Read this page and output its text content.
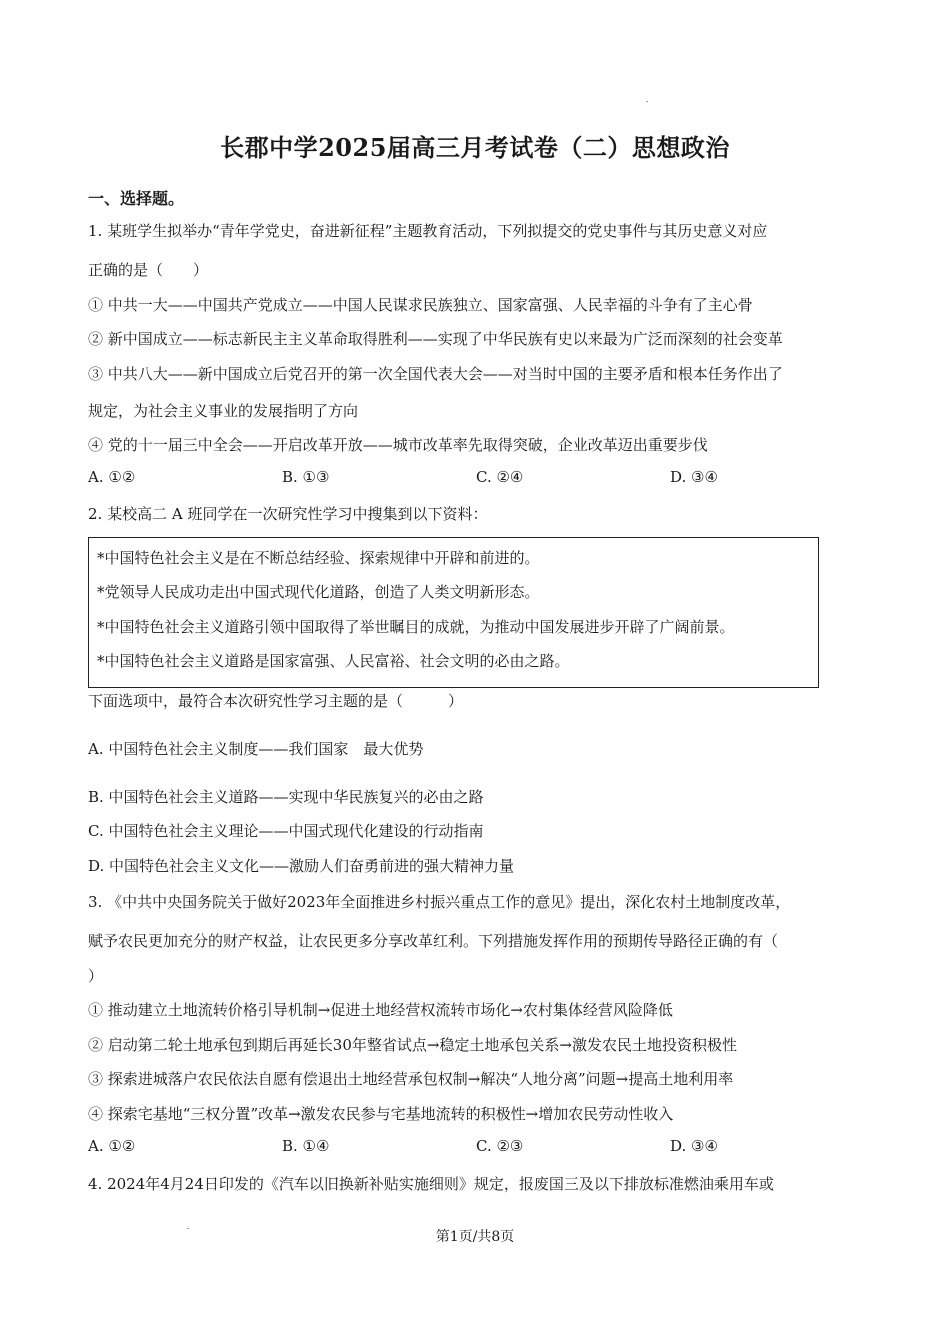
长郡中学2025届高三月考试卷（二）思想政治
一、选择题。
1. 某班学生拟举办“青年学党史，奋进新征程”主题教育活动，下列拟提交的党史事件与其历史意义对应
正确的是（　　）
① 中共一大——中国共产党成立——中国人民谋求民族独立、国家富强、人民幸福的斗争有了主心骨
② 新中国成立——标志新民主主义革命取得胜利——实现了中华民族有史以来最为广泛而深刻的社会变革
③ 中共八大——新中国成立后党召开的第一次全国代表大会——对当时中国的主要矛盾和根本任务作出了
规定，为社会主义事业的发展指明了方向
④ 党的十一届三中全会——开启改革开放——城市改革率先取得突破，企业改革迈出重要步伐
A. ①②	B. ①③	C. ②④	D. ③④
2. 某校高二 A 班同学在一次研究性学习中搜集到以下资料：
*中国特色社会主义是在不断总结经验、探索规律中开辟和前进的。
*党领导人民成功走出中国式现代化道路，创造了人类文明新形态。
*中国特色社会主义道路引领中国取得了举世瞩目的成就，为推动中国发展进步开辟了广阔前景。
*中国特色社会主义道路是国家富强、人民富裕、社会文明的必由之路。
下面选项中，最符合本次研究性学习主题的是（　　　）
A. 中国特色社会主义制度——我们国家　最大优势
B. 中国特色社会主义道路——实现中华民族复兴的必由之路
C. 中国特色社会主义理论——中国式现代化建设的行动指南
D. 中国特色社会主义文化——激励人们奋勇前进的强大精神力量
3. 《中共中央国务院关于做好2023年全面推进乡村振兴重点工作的意见》提出，深化农村土地制度改革，
赋予农民更加充分的财产权益，让农民更多分享改革红利。下列措施发挥作用的预期传导路径正确的有（
）
① 推动建立土地流转价格引导机制→促进土地经营权流转市场化→农村集体经营风险降低
② 启动第二轮土地承包到期后再延长30年整省试点→稳定土地承包关系→激发农民土地投资积极性
③ 探索进城落户农民依法自愿有偿退出土地经营承包权制→解决“人地分离”问题→提高土地利用率
④ 探索宅基地“三权分置”改革→激发农民参与宅基地流转的积极性→增加农民劳动性收入
A. ①②	B. ①④	C. ②③	D. ③④
4. 2024年4月24日印发的《汽车以旧换新补贴实施细则》规定，报废国三及以下排放标准燃油乘用车或
第1页/共8页
